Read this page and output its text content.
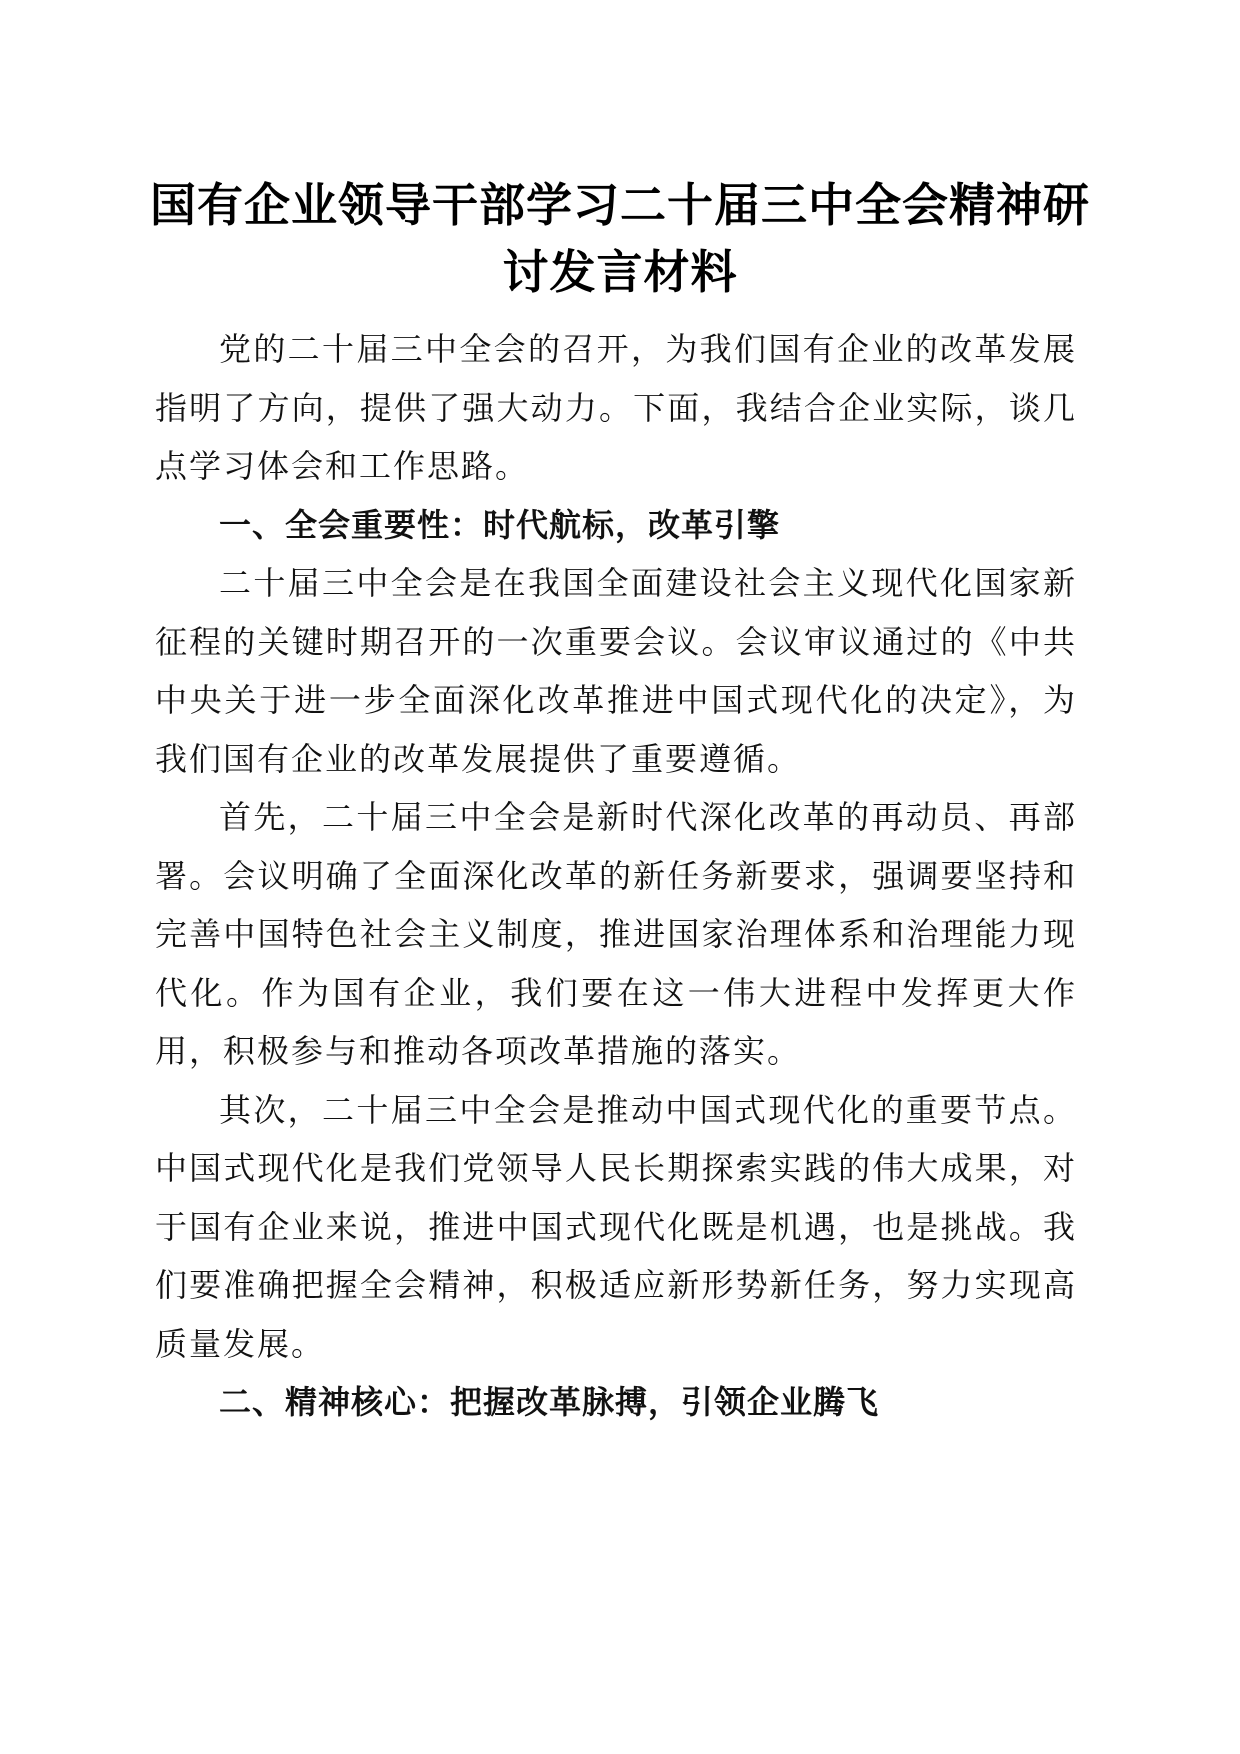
国有企业领导干部学习二十届三中全会精神研讨发言材料

党的二十届三中全会的召开，为我们国有企业的改革发展指明了方向，提供了强大动力。下面，我结合企业实际，谈几点学习体会和工作思路。

一、全会重要性：时代航标，改革引擎

二十届三中全会是在我国全面建设社会主义现代化国家新征程的关键时期召开的一次重要会议。会议审议通过的《中共中央关于进一步全面深化改革推进中国式现代化的决定》，为我们国有企业的改革发展提供了重要遵循。

首先，二十届三中全会是新时代深化改革的再动员、再部署。会议明确了全面深化改革的新任务新要求，强调要坚持和完善中国特色社会主义制度，推进国家治理体系和治理能力现代化。作为国有企业，我们要在这一伟大进程中发挥更大作用，积极参与和推动各项改革措施的落实。

其次，二十届三中全会是推动中国式现代化的重要节点。中国式现代化是我们党领导人民长期探索实践的伟大成果，对于国有企业来说，推进中国式现代化既是机遇，也是挑战。我们要准确把握全会精神，积极适应新形势新任务，努力实现高质量发展。

二、精神核心：把握改革脉搏，引领企业腾飞
